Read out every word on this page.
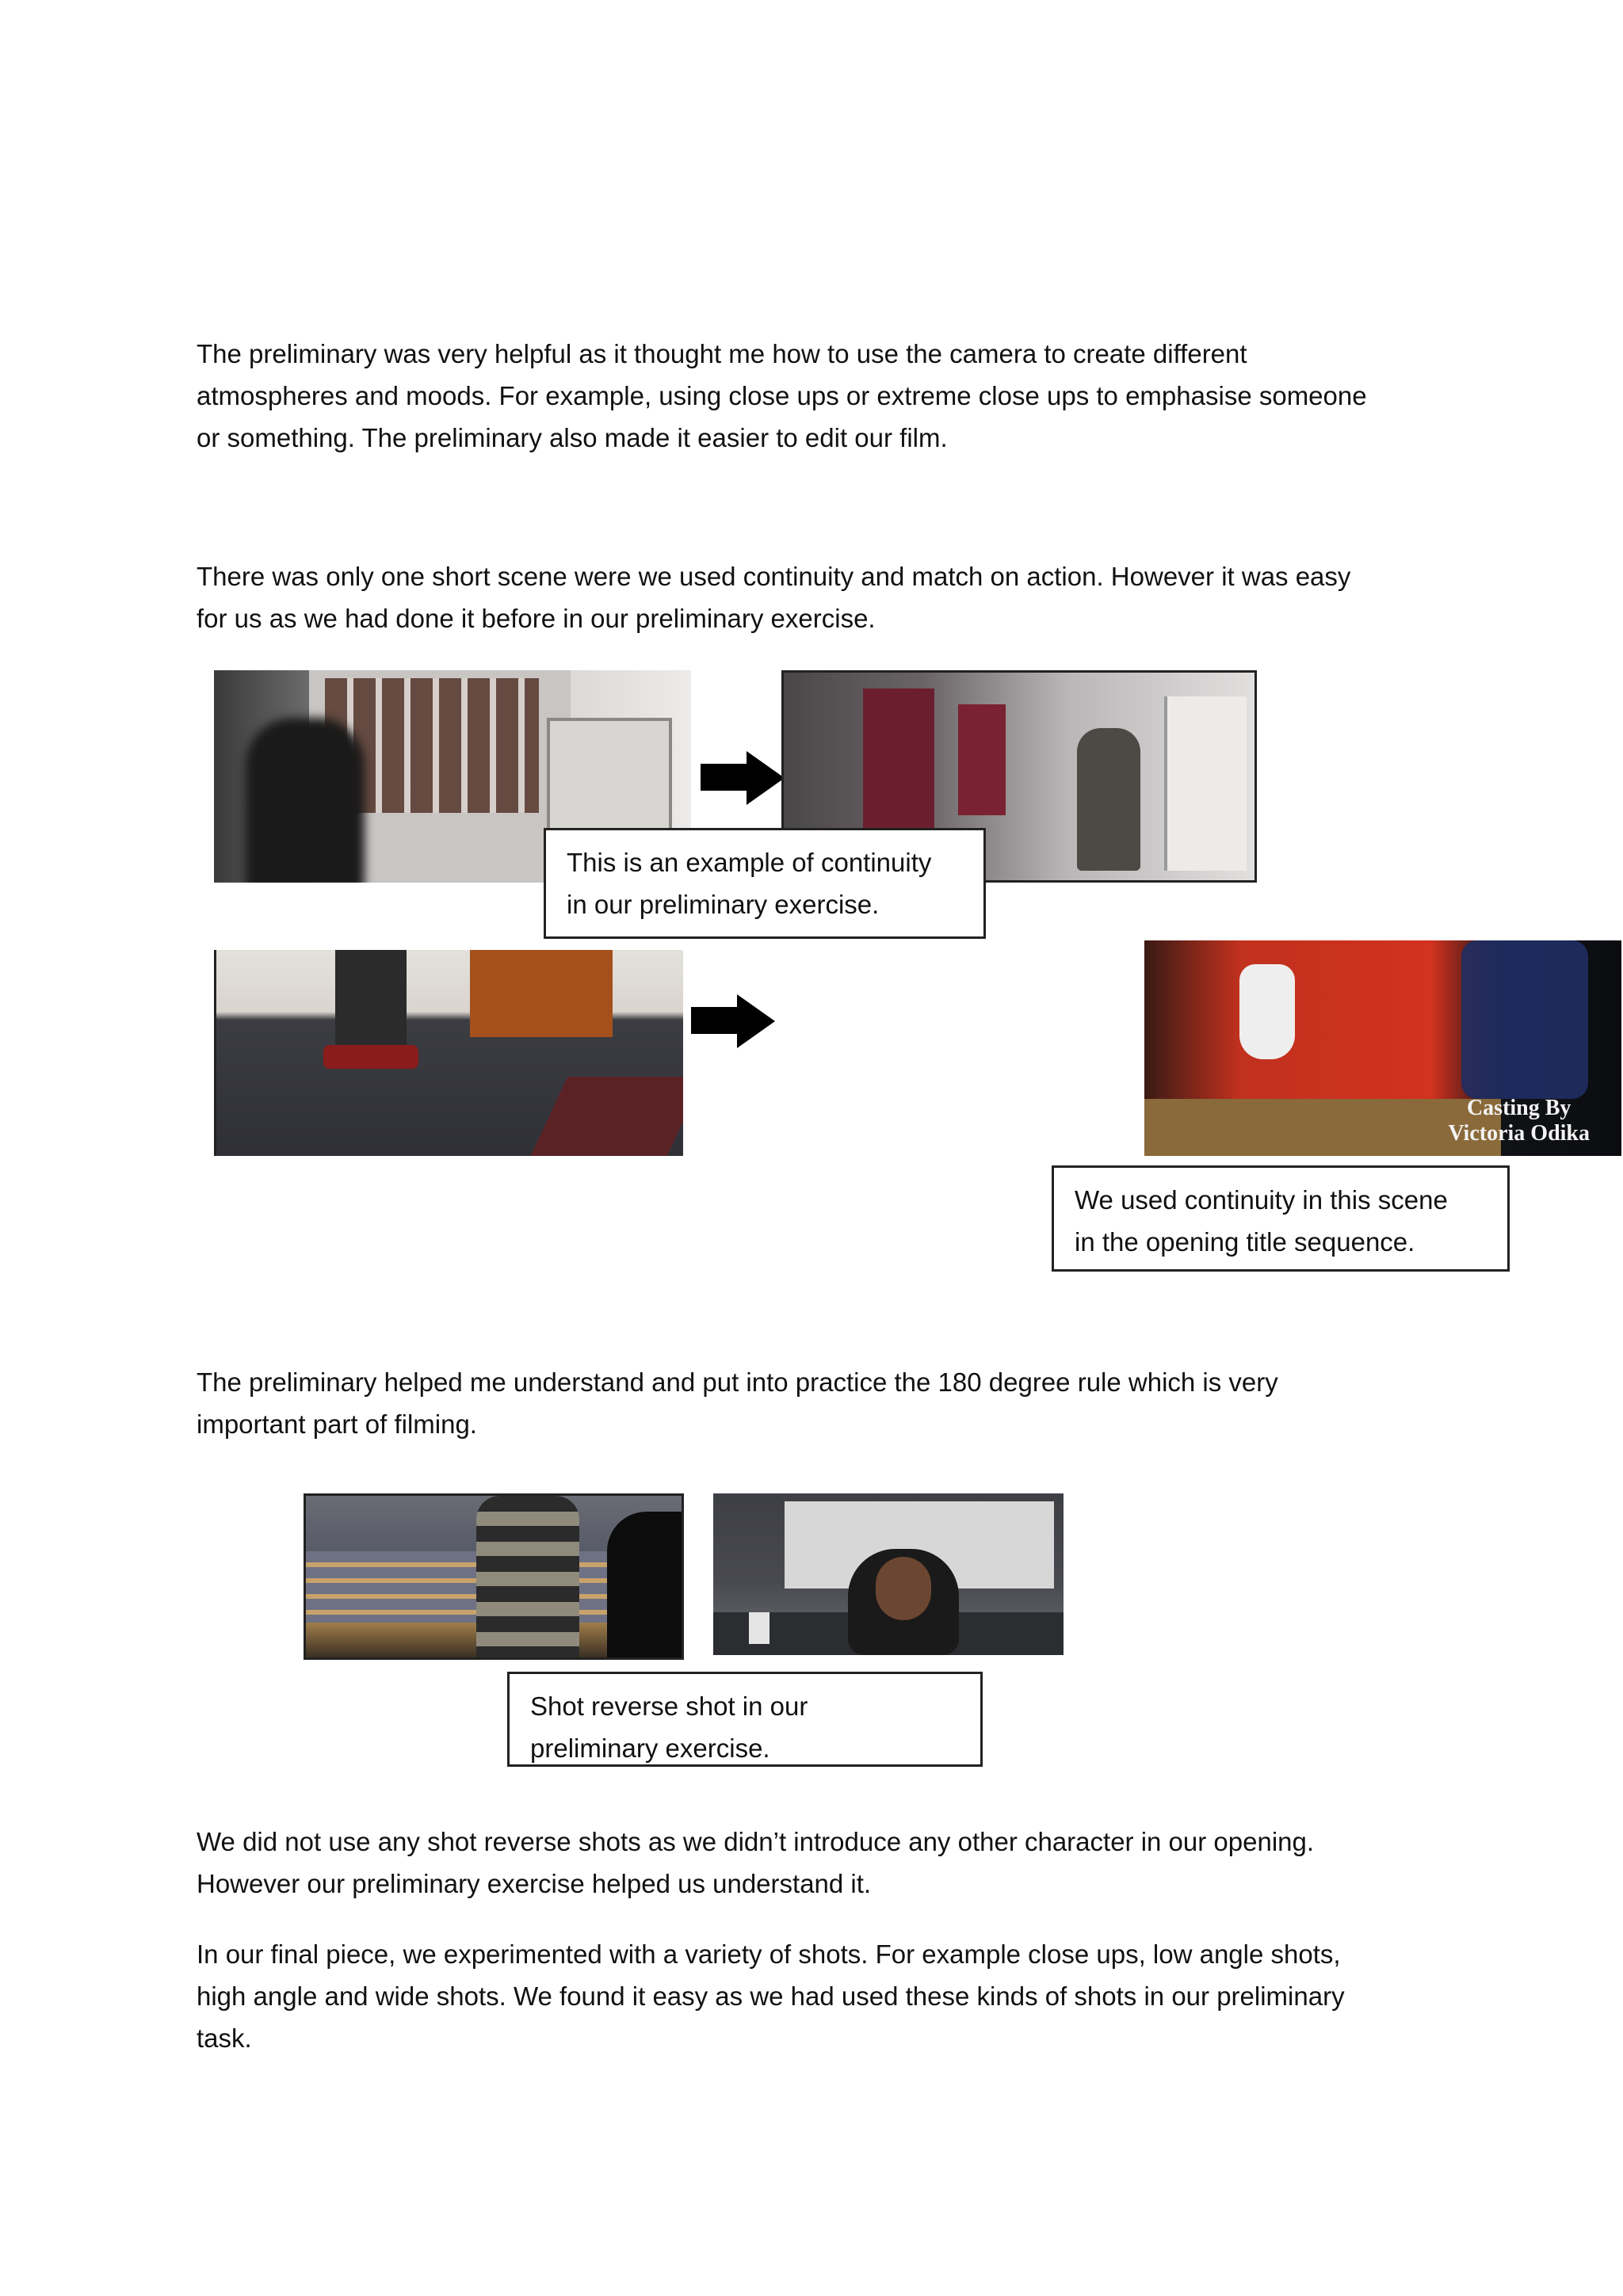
The preliminary was very helpful as it thought me how to use the camera to create different
atmospheres and moods. For example, using close ups or extreme close ups to emphasise someone
or something. The preliminary also made it easier to edit our film.

There was only one short scene were we used continuity and match on action. However it was easy
for us as we had done it before in our preliminary exercise.

This is an example of continuity
in our preliminary exercise.
Casting By
Victoria Odika
We used continuity in this scene
in the opening title sequence.

The preliminary helped me understand and put into practice the 180 degree rule which is very
important part of filming.

Shot reverse shot in our
preliminary exercise.

We did not use any shot reverse shots as we didn’t introduce any other character in our opening.
However our preliminary exercise helped us understand it.

In our final piece, we experimented with a variety of shots. For example close ups, low angle shots,
high angle and wide shots. We found it easy as we had used these kinds of shots in our preliminary
task.
